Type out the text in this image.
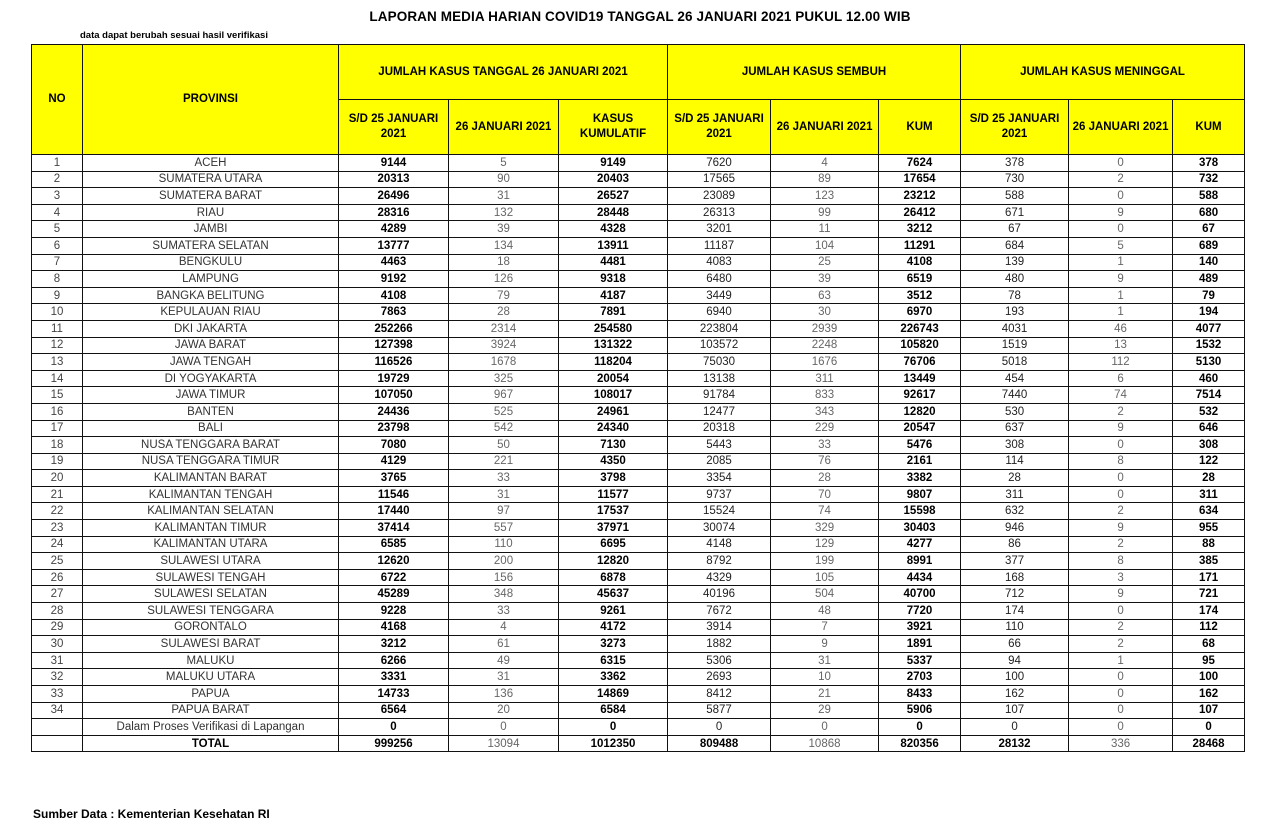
LAPORAN MEDIA HARIAN COVID19 TANGGAL 26 JANUARI 2021 PUKUL 12.00 WIB
data dapat berubah sesuai hasil verifikasi
NO	PROVINSI	JUMLAH KASUS TANGGAL 26 JANUARI 2021			JUMLAH KASUS SEMBUH			JUMLAH KASUS MENINGGAL		
		S/D 25 JANUARI 2021	26 JANUARI 2021	KASUS KUMULATIF	S/D 25 JANUARI 2021	26 JANUARI 2021	KUM	S/D 25 JANUARI 2021	26 JANUARI 2021	KUM
1	ACEH	9144	5	9149	7620	4	7624	378	0	378
2	SUMATERA UTARA	20313	90	20403	17565	89	17654	730	2	732
3	SUMATERA BARAT	26496	31	26527	23089	123	23212	588	0	588
4	RIAU	28316	132	28448	26313	99	26412	671	9	680
5	JAMBI	4289	39	4328	3201	11	3212	67	0	67
6	SUMATERA SELATAN	13777	134	13911	11187	104	11291	684	5	689
7	BENGKULU	4463	18	4481	4083	25	4108	139	1	140
8	LAMPUNG	9192	126	9318	6480	39	6519	480	9	489
9	BANGKA BELITUNG	4108	79	4187	3449	63	3512	78	1	79
10	KEPULAUAN RIAU	7863	28	7891	6940	30	6970	193	1	194
11	DKI JAKARTA	252266	2314	254580	223804	2939	226743	4031	46	4077
12	JAWA BARAT	127398	3924	131322	103572	2248	105820	1519	13	1532
13	JAWA TENGAH	116526	1678	118204	75030	1676	76706	5018	112	5130
14	DI YOGYAKARTA	19729	325	20054	13138	311	13449	454	6	460
15	JAWA TIMUR	107050	967	108017	91784	833	92617	7440	74	7514
16	BANTEN	24436	525	24961	12477	343	12820	530	2	532
17	BALI	23798	542	24340	20318	229	20547	637	9	646
18	NUSA TENGGARA BARAT	7080	50	7130	5443	33	5476	308	0	308
19	NUSA TENGGARA TIMUR	4129	221	4350	2085	76	2161	114	8	122
20	KALIMANTAN BARAT	3765	33	3798	3354	28	3382	28	0	28
21	KALIMANTAN TENGAH	11546	31	11577	9737	70	9807	311	0	311
22	KALIMANTAN SELATAN	17440	97	17537	15524	74	15598	632	2	634
23	KALIMANTAN TIMUR	37414	557	37971	30074	329	30403	946	9	955
24	KALIMANTAN UTARA	6585	110	6695	4148	129	4277	86	2	88
25	SULAWESI UTARA	12620	200	12820	8792	199	8991	377	8	385
26	SULAWESI TENGAH	6722	156	6878	4329	105	4434	168	3	171
27	SULAWESI SELATAN	45289	348	45637	40196	504	40700	712	9	721
28	SULAWESI TENGGARA	9228	33	9261	7672	48	7720	174	0	174
29	GORONTALO	4168	4	4172	3914	7	3921	110	2	112
30	SULAWESI BARAT	3212	61	3273	1882	9	1891	66	2	68
31	MALUKU	6266	49	6315	5306	31	5337	94	1	95
32	MALUKU UTARA	3331	31	3362	2693	10	2703	100	0	100
33	PAPUA	14733	136	14869	8412	21	8433	162	0	162
34	PAPUA BARAT	6564	20	6584	5877	29	5906	107	0	107
	Dalam Proses Verifikasi di Lapangan	0	0	0	0	0	0	0	0	0
	TOTAL	999256	13094	1012350	809488	10868	820356	28132	336	28468
Sumber Data : Kementerian Kesehatan RI
